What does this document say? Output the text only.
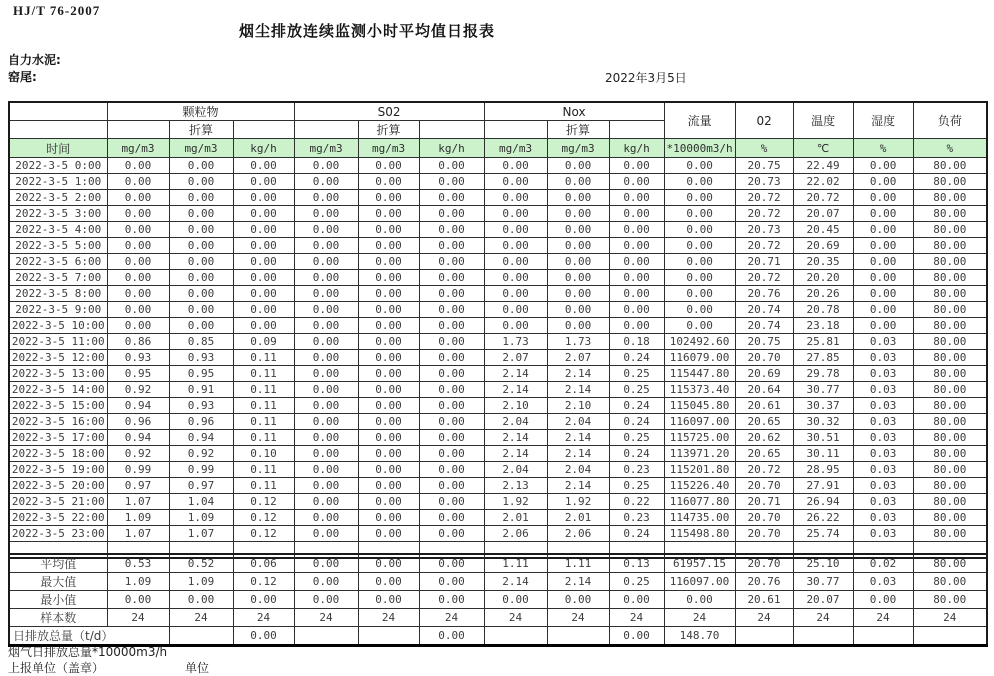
HJ/T 76-2007
烟尘排放连续监测小时平均值日报表
自力水泥:
窑尾:	2022年3月5日
	颗粒物			S02			Nox			流量	02	温度	湿度	负荷
		折算			折算			折算						
时间	mg/m3	mg/m3	kg/h	mg/m3	mg/m3	kg/h	mg/m3	mg/m3	kg/h	*10000m3/h	%	℃	%	%
2022-3-5 0:00	0.00	0.00	0.00	0.00	0.00	0.00	0.00	0.00	0.00	0.00	20.75	22.49	0.00	80.00
2022-3-5 1:00	0.00	0.00	0.00	0.00	0.00	0.00	0.00	0.00	0.00	0.00	20.73	22.02	0.00	80.00
2022-3-5 2:00	0.00	0.00	0.00	0.00	0.00	0.00	0.00	0.00	0.00	0.00	20.72	20.72	0.00	80.00
2022-3-5 3:00	0.00	0.00	0.00	0.00	0.00	0.00	0.00	0.00	0.00	0.00	20.72	20.07	0.00	80.00
2022-3-5 4:00	0.00	0.00	0.00	0.00	0.00	0.00	0.00	0.00	0.00	0.00	20.73	20.45	0.00	80.00
2022-3-5 5:00	0.00	0.00	0.00	0.00	0.00	0.00	0.00	0.00	0.00	0.00	20.72	20.69	0.00	80.00
2022-3-5 6:00	0.00	0.00	0.00	0.00	0.00	0.00	0.00	0.00	0.00	0.00	20.71	20.35	0.00	80.00
2022-3-5 7:00	0.00	0.00	0.00	0.00	0.00	0.00	0.00	0.00	0.00	0.00	20.72	20.20	0.00	80.00
2022-3-5 8:00	0.00	0.00	0.00	0.00	0.00	0.00	0.00	0.00	0.00	0.00	20.76	20.26	0.00	80.00
2022-3-5 9:00	0.00	0.00	0.00	0.00	0.00	0.00	0.00	0.00	0.00	0.00	20.74	20.78	0.00	80.00
2022-3-5 10:00	0.00	0.00	0.00	0.00	0.00	0.00	0.00	0.00	0.00	0.00	20.74	23.18	0.00	80.00
2022-3-5 11:00	0.86	0.85	0.09	0.00	0.00	0.00	1.73	1.73	0.18	102492.60	20.75	25.81	0.03	80.00
2022-3-5 12:00	0.93	0.93	0.11	0.00	0.00	0.00	2.07	2.07	0.24	116079.00	20.70	27.85	0.03	80.00
2022-3-5 13:00	0.95	0.95	0.11	0.00	0.00	0.00	2.14	2.14	0.25	115447.80	20.69	29.78	0.03	80.00
2022-3-5 14:00	0.92	0.91	0.11	0.00	0.00	0.00	2.14	2.14	0.25	115373.40	20.64	30.77	0.03	80.00
2022-3-5 15:00	0.94	0.93	0.11	0.00	0.00	0.00	2.10	2.10	0.24	115045.80	20.61	30.37	0.03	80.00
2022-3-5 16:00	0.96	0.96	0.11	0.00	0.00	0.00	2.04	2.04	0.24	116097.00	20.65	30.32	0.03	80.00
2022-3-5 17:00	0.94	0.94	0.11	0.00	0.00	0.00	2.14	2.14	0.25	115725.00	20.62	30.51	0.03	80.00
2022-3-5 18:00	0.92	0.92	0.10	0.00	0.00	0.00	2.14	2.14	0.24	113971.20	20.65	30.11	0.03	80.00
2022-3-5 19:00	0.99	0.99	0.11	0.00	0.00	0.00	2.04	2.04	0.23	115201.80	20.72	28.95	0.03	80.00
2022-3-5 20:00	0.97	0.97	0.11	0.00	0.00	0.00	2.13	2.14	0.25	115226.40	20.70	27.91	0.03	80.00
2022-3-5 21:00	1.07	1.04	0.12	0.00	0.00	0.00	1.92	1.92	0.22	116077.80	20.71	26.94	0.03	80.00
2022-3-5 22:00	1.09	1.09	0.12	0.00	0.00	0.00	2.01	2.01	0.23	114735.00	20.70	26.22	0.03	80.00
2022-3-5 23:00	1.07	1.07	0.12	0.00	0.00	0.00	2.06	2.06	0.24	115498.80	20.70	25.74	0.03	80.00

平均值	0.53	0.52	0.06	0.00	0.00	0.00	1.11	1.11	0.13	61957.15	20.70	25.10	0.02	80.00
最大值	1.09	1.09	0.12	0.00	0.00	0.00	2.14	2.14	0.25	116097.00	20.76	30.77	0.03	80.00
最小值	0.00	0.00	0.00	0.00	0.00	0.00	0.00	0.00	0.00	0.00	20.61	20.07	0.00	80.00
样本数	24	24	24	24	24	24	24	24	24	24	24	24	24	24
日排放总量（t/d）			0.00			0.00			0.00	148.70				
烟气日排放总量*10000m3/h
上报单位（盖章）	单位
